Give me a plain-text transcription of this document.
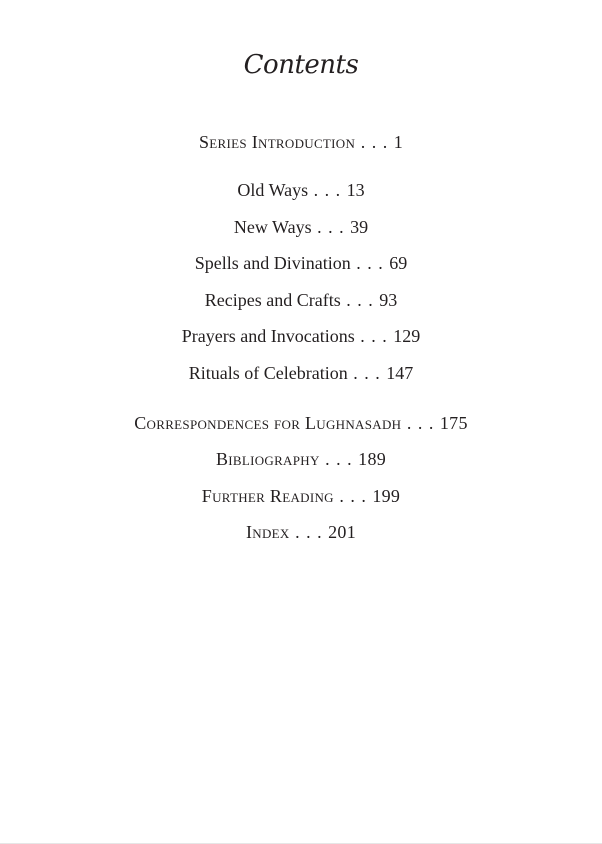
Contents
Series Introduction . . . 1
Old Ways . . . 13
New Ways . . . 39
Spells and Divination . . . 69
Recipes and Crafts . . . 93
Prayers and Invocations . . . 129
Rituals of Celebration . . . 147
Correspondences for Lughnasadh . . . 175
Bibliography . . . 189
Further Reading . . . 199
Index . . . 201
